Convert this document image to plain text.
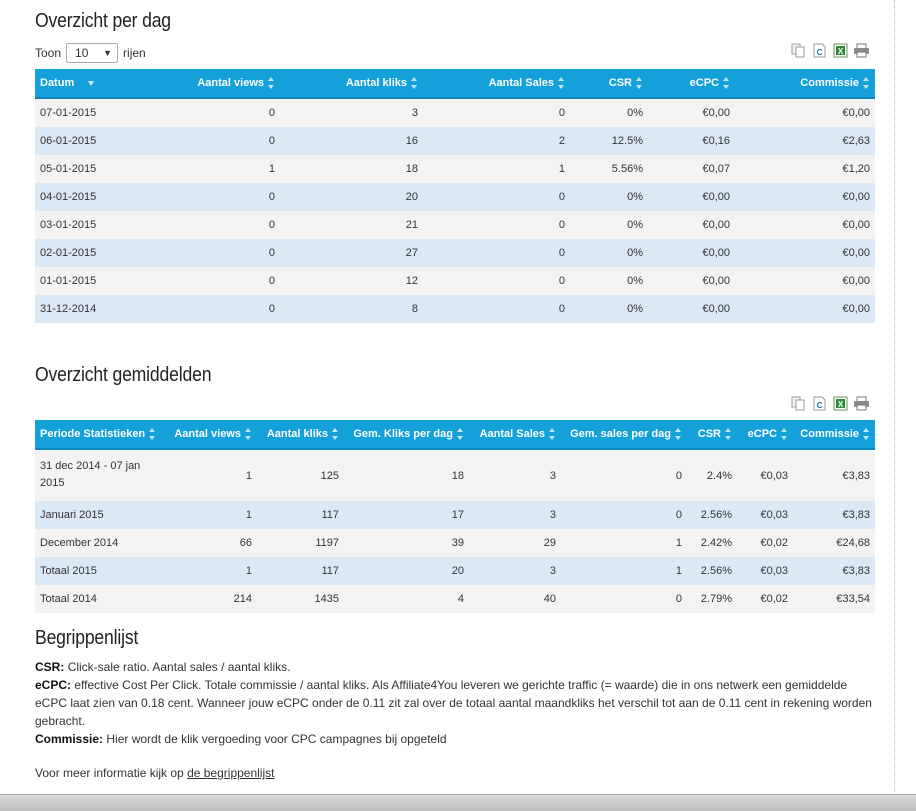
Overzicht per dag
Toon 10 ▼ rijen	C X
Datum	Aantal views	Aantal kliks	Aantal Sales	CSR	eCPC	Commissie
07-01-2015	0	3	0	0%	€0,00	€0,00
06-01-2015	0	16	2	12.5%	€0,16	€2,63
05-01-2015	1	18	1	5.56%	€0,07	€1,20
04-01-2015	0	20	0	0%	€0,00	€0,00
03-01-2015	0	21	0	0%	€0,00	€0,00
02-01-2015	0	27	0	0%	€0,00	€0,00
01-01-2015	0	12	0	0%	€0,00	€0,00
31-12-2014	0	8	0	0%	€0,00	€0,00
Overzicht gemiddelden
C X
Periode Statistieken	Aantal views	Aantal kliks	Gem. Kliks per dag	Aantal Sales	Gem. sales per dag	CSR	eCPC	Commissie
31 dec 2014 - 07 jan 2015	1	125	18	3	0	2.4%	€0,03	€3,83
Januari 2015	1	117	17	3	0	2.56%	€0,03	€3,83
December 2014	66	1197	39	29	1	2.42%	€0,02	€24,68
Totaal 2015	1	117	20	3	1	2.56%	€0,03	€3,83
Totaal 2014	214	1435	4	40	0	2.79%	€0,02	€33,54
Begrippenlijst

CSR: Click-sale ratio. Aantal sales / aantal kliks.

eCPC: effective Cost Per Click. Totale commissie / aantal kliks. Als Affiliate4You leveren we gerichte traffic (= waarde) die in ons netwerk een gemiddelde eCPC laat zien van 0.18 cent. Wanneer jouw eCPC onder de 0.11 zit zal over de totaal aantal maandkliks het verschil tot aan de 0.11 cent in rekening worden gebracht.

Commissie: Hier wordt de klik vergoeding voor CPC campagnes bij opgeteld

Voor meer informatie kijk op de begrippenlijst
